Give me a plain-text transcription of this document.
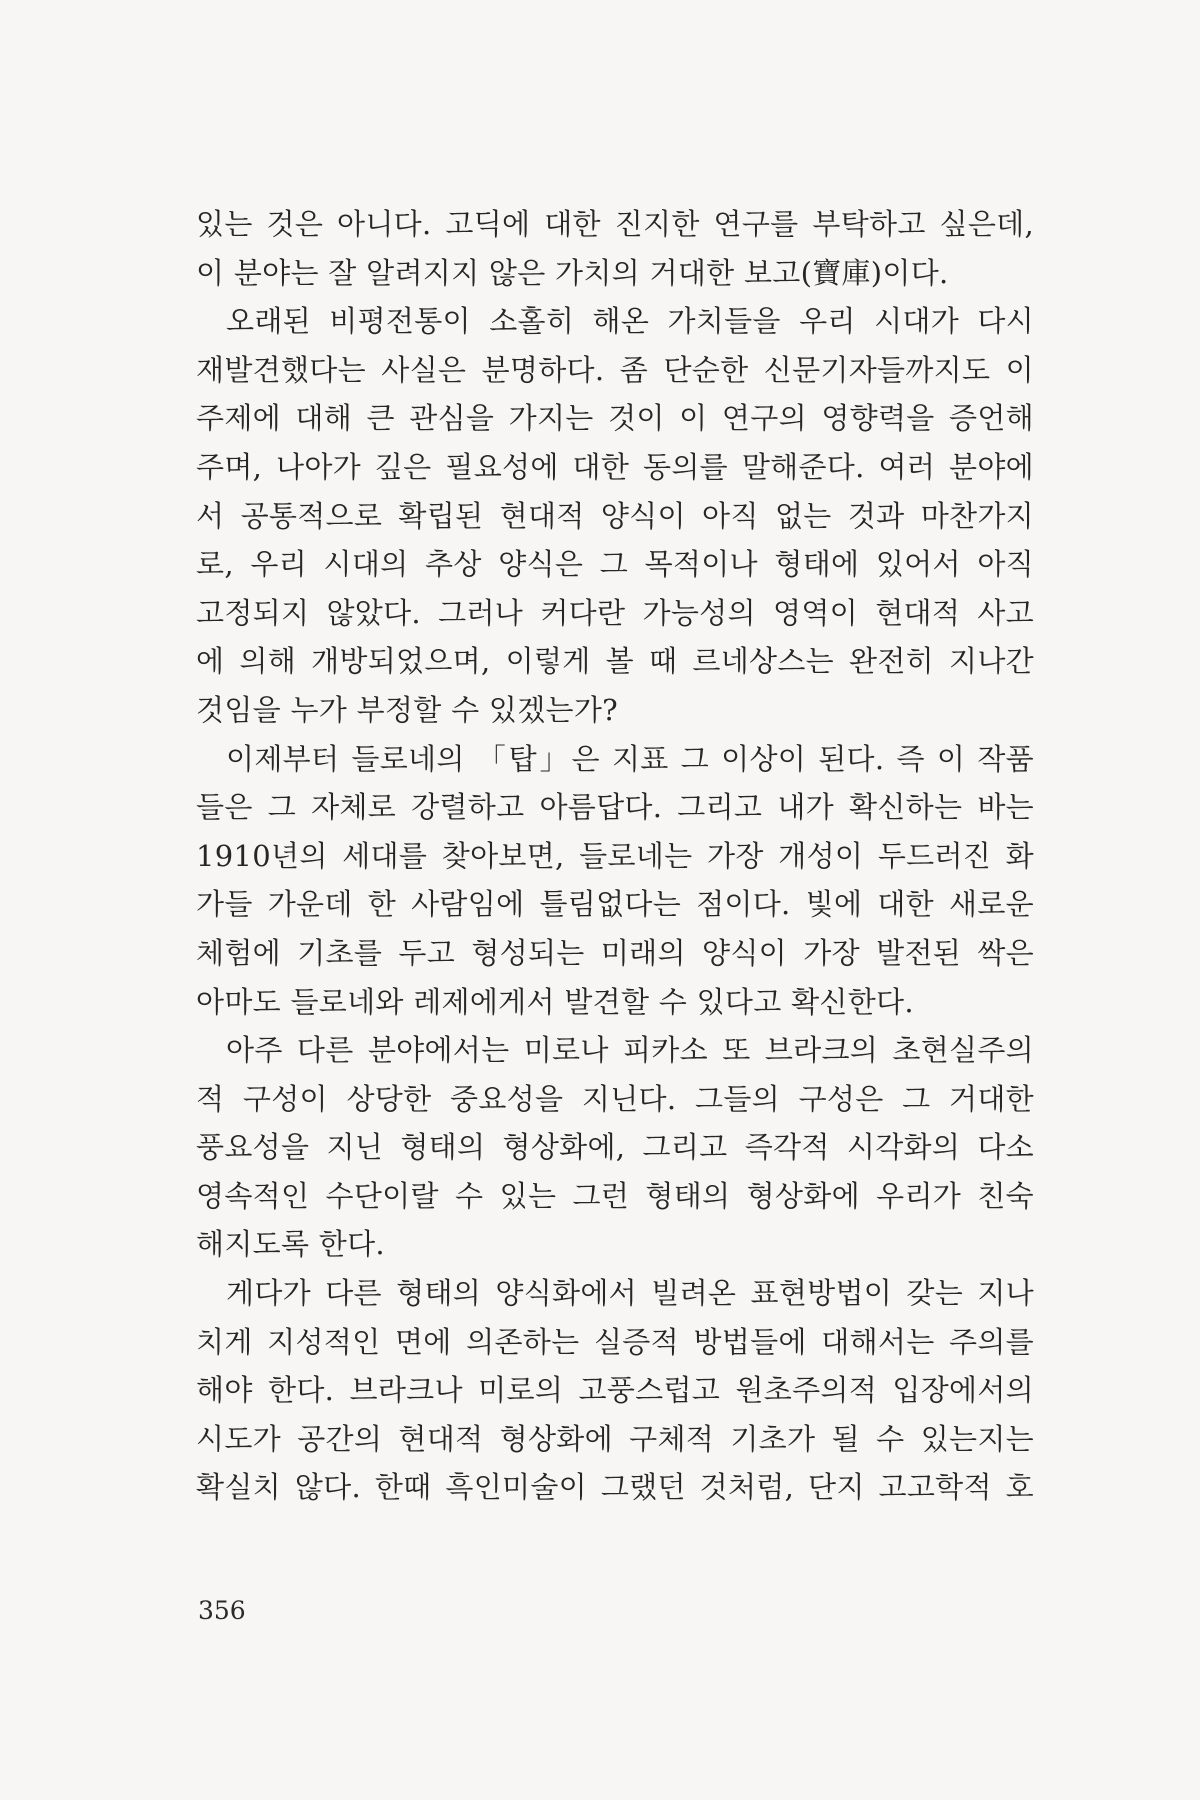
있는 것은 아니다. 고딕에 대한 진지한 연구를 부탁하고 싶은데,
이 분야는 잘 알려지지 않은 가치의 거대한 보고(寶庫)이다.
오래된 비평전통이 소홀히 해온 가치들을 우리 시대가 다시
재발견했다는 사실은 분명하다. 좀 단순한 신문기자들까지도 이
주제에 대해 큰 관심을 가지는 것이 이 연구의 영향력을 증언해
주며, 나아가 깊은 필요성에 대한 동의를 말해준다. 여러 분야에
서 공통적으로 확립된 현대적 양식이 아직 없는 것과 마찬가지
로, 우리 시대의 추상 양식은 그 목적이나 형태에 있어서 아직
고정되지 않았다. 그러나 커다란 가능성의 영역이 현대적 사고
에 의해 개방되었으며, 이렇게 볼 때 르네상스는 완전히 지나간
것임을 누가 부정할 수 있겠는가?
이제부터 들로네의 「탑」은 지표 그 이상이 된다. 즉 이 작품
들은 그 자체로 강렬하고 아름답다. 그리고 내가 확신하는 바는
1910년의 세대를 찾아보면, 들로네는 가장 개성이 두드러진 화
가들 가운데 한 사람임에 틀림없다는 점이다. 빛에 대한 새로운
체험에 기초를 두고 형성되는 미래의 양식이 가장 발전된 싹은
아마도 들로네와 레제에게서 발견할 수 있다고 확신한다.
아주 다른 분야에서는 미로나 피카소 또 브라크의 초현실주의
적 구성이 상당한 중요성을 지닌다. 그들의 구성은 그 거대한
풍요성을 지닌 형태의 형상화에, 그리고 즉각적 시각화의 다소
영속적인 수단이랄 수 있는 그런 형태의 형상화에 우리가 친숙
해지도록 한다.
게다가 다른 형태의 양식화에서 빌려온 표현방법이 갖는 지나
치게 지성적인 면에 의존하는 실증적 방법들에 대해서는 주의를
해야 한다. 브라크나 미로의 고풍스럽고 원초주의적 입장에서의
시도가 공간의 현대적 형상화에 구체적 기초가 될 수 있는지는
확실치 않다. 한때 흑인미술이 그랬던 것처럼, 단지 고고학적 호
356
